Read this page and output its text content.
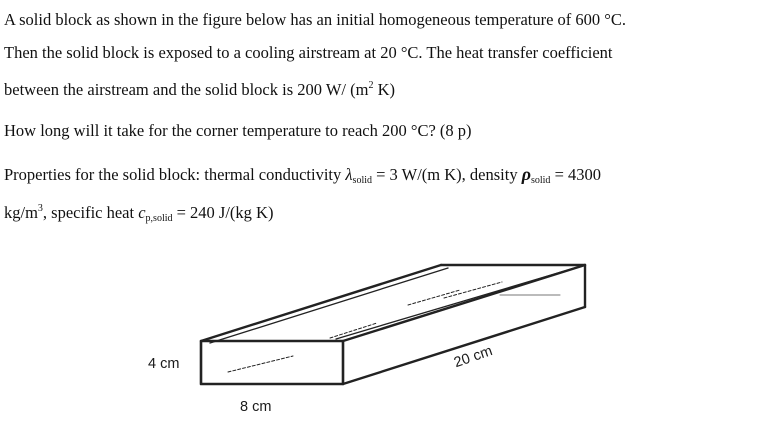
A solid block as shown in the figure below has an initial homogeneous temperature of 600 °C.
Then the solid block is exposed to a cooling airstream at 20 °C. The heat transfer coefficient
between the airstream and the solid block is 200 W/ ($m^2$ K)
How long will it take for the corner temperature to reach 200 °C? (8 p)
Properties for the solid block: thermal conductivity $\lambda_{solid} = 3$ W/(m K), density $\rho_{solid} = 4300$
$kg/m^3$, specific heat $c_{p,solid} = 240$ J/(kg K)
4 cm	20 cm
8 cm
